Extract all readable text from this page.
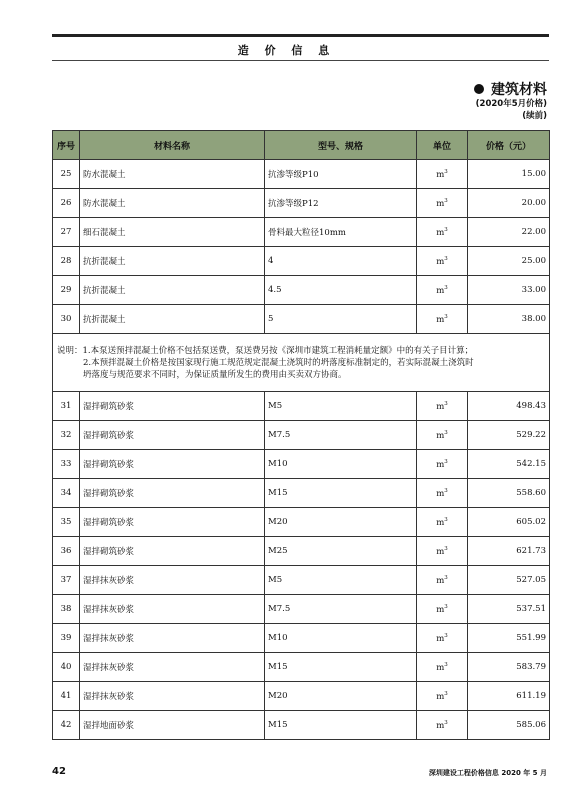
造 价 信 息
建筑材料
(2020年5月价格)
(续前)
序号	材料名称	型号、规格	单位	价格（元）
25	防水混凝土	抗渗等级P10	$m^3$	15.00
26	防水混凝土	抗渗等级P12	$m^3$	20.00
27	细石混凝土	骨料最大粒径10mm	$m^3$	22.00
28	抗折混凝土	4	$m^3$	25.00
29	抗折混凝土	4.5	$m^3$	33.00
30	抗折混凝土	5	$m^3$	38.00

说明：1.本泵送预拌混凝土价格不包括泵送费，泵送费另按《深圳市建筑工程消耗量定额》中的有关子目计算；
2.本预拌混凝土价格是按国家现行施工规范规定混凝土浇筑时的坍落度标准制定的，若实际混凝土浇筑时
坍落度与规范要求不同时，为保证质量所发生的费用由买卖双方协商。				

31	湿拌砌筑砂浆	M5	$m^3$	498.43
32	湿拌砌筑砂浆	M7.5	$m^3$	529.22
33	湿拌砌筑砂浆	M10	$m^3$	542.15
34	湿拌砌筑砂浆	M15	$m^3$	558.60
35	湿拌砌筑砂浆	M20	$m^3$	605.02
36	湿拌砌筑砂浆	M25	$m^3$	621.73
37	湿拌抹灰砂浆	M5	$m^3$	527.05
38	湿拌抹灰砂浆	M7.5	$m^3$	537.51
39	湿拌抹灰砂浆	M10	$m^3$	551.99
40	湿拌抹灰砂浆	M15	$m^3$	583.79
41	湿拌抹灰砂浆	M20	$m^3$	611.19
42	湿拌地面砂浆	M15	$m^3$	585.06
42	深圳建设工程价格信息 2020 年 5 月
